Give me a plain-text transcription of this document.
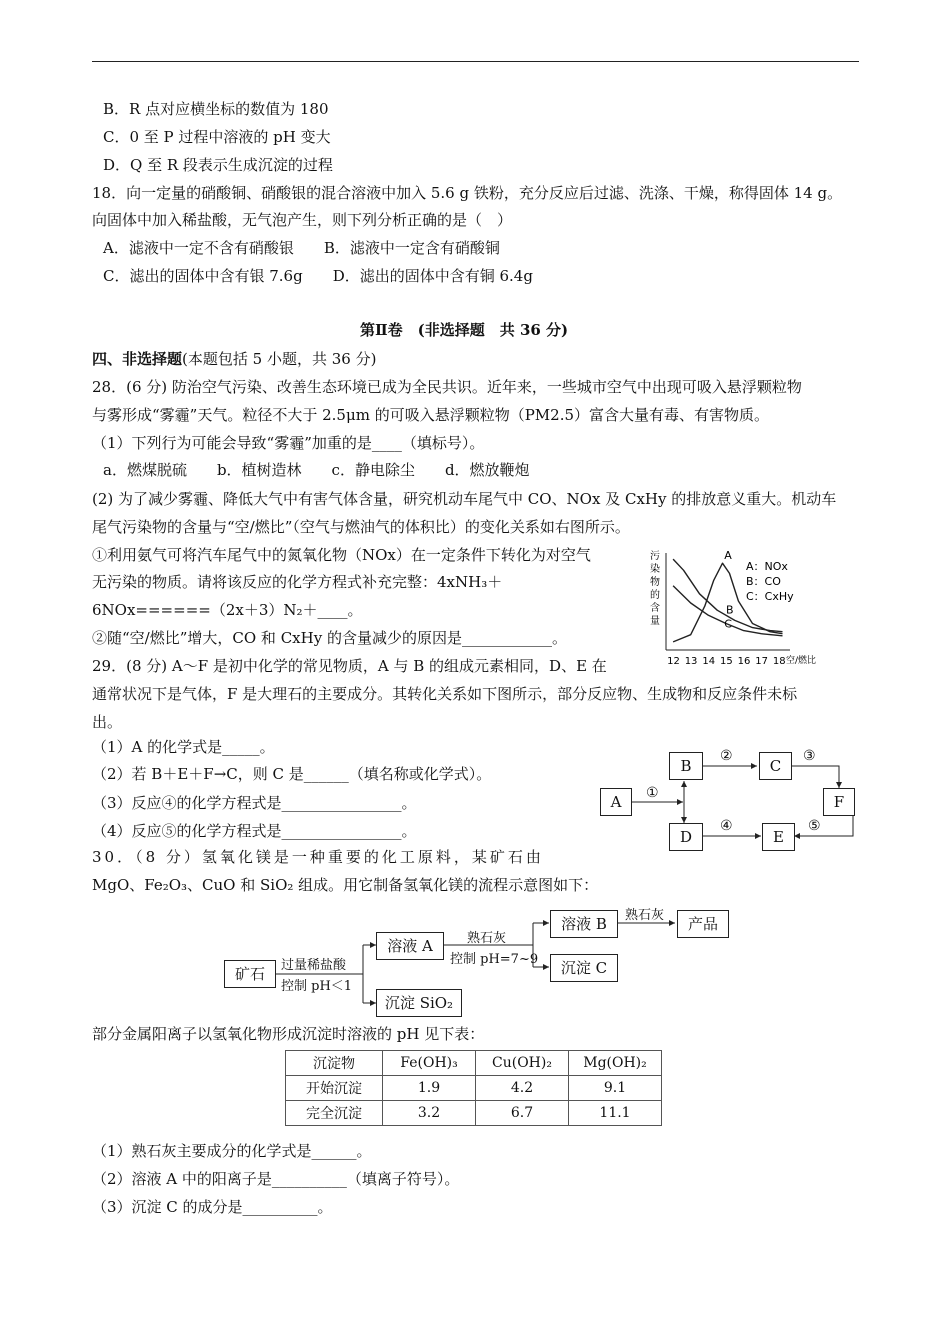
B．R 点对应横坐标的数值为 180
C．0 至 P 过程中溶液的 pH 变大
D．Q 至 R 段表示生成沉淀的过程
18．向一定量的硝酸铜、硝酸银的混合溶液中加入 5.6 g 铁粉，充分反应后过滤、洗涤、干燥，称得固体 14 g。
向固体中加入稀盐酸，无气泡产生，则下列分析正确的是（　）
A．滤液中一定不含有硝酸银　　B．滤液中一定含有硝酸铜
C．滤出的固体中含有银 7.6g　　D．滤出的固体中含有铜 6.4g
第Ⅱ卷　(非选择题　共 36 分)
四、非选择题(本题包括 5 小题，共 36 分)
28．(6 分) 防治空气污染、改善生态环境已成为全民共识。近年来，一些城市空气中出现可吸入悬浮颗粒物
与雾形成“雾霾”天气。粒径不大于 2.5μm 的可吸入悬浮颗粒物（PM2.5）富含大量有毒、有害物质。
（1）下列行为可能会导致“雾霾”加重的是____（填标号）。
a．燃煤脱硫　　b．植树造林　　c．静电除尘　　d．燃放鞭炮
(2) 为了减少雾霾、降低大气中有害气体含量，研究机动车尾气中 CO、NOx 及 CxHy 的排放意义重大。机动车
尾气污染物的含量与“空/燃比”（空气与燃油气的体积比）的变化关系如右图所示。
①利用氨气可将汽车尾气中的氮氧化物（NOx）在一定条件下转化为对空气
无污染的物质。请将该反应的化学方程式补充完整：4xNH₃＋
6NOx======（2x＋3）N₂＋____。
②随“空/燃比”增大，CO 和 CxHy 的含量减少的原因是____________。
污
染
物
的
含
量
A
B
C
12 13 14 15 16 17 18 空/燃比
A：NOx
B：CO
C：CxHy
29．(8 分) A～F 是初中化学的常见物质，A 与 B 的组成元素相同，D、E 在
通常状况下是气体，F 是大理石的主要成分。其转化关系如下图所示，部分反应物、生成物和反应条件未标
出。
（1）A 的化学式是_____。
（2）若 B＋E＋F→C，则 C 是______（填名称或化学式）。
（3）反应④的化学方程式是________________。
（4）反应⑤的化学方程式是________________。
A
B	C
D	E
F
①
②	③
④	⑤
30．（8 分）氢氧化镁是一种重要的化工原料，某矿石由
MgO、Fe₂O₃、CuO 和 SiO₂ 组成。用它制备氢氧化镁的流程示意图如下：
矿石	过量稀盐酸
控制 pH＜1
溶液 A
沉淀 SiO₂
熟石灰
控制 pH=7~9
溶液 B
沉淀 C
熟石灰	产品
部分金属阳离子以氢氧化物形成沉淀时溶液的 pH 见下表：
沉淀物	Fe(OH)₃	Cu(OH)₂	Mg(OH)₂
开始沉淀	1.9	4.2	9.1
完全沉淀	3.2	6.7	11.1
（1）熟石灰主要成分的化学式是______。
（2）溶液 A 中的阳离子是__________（填离子符号）。
（3）沉淀 C 的成分是__________。
